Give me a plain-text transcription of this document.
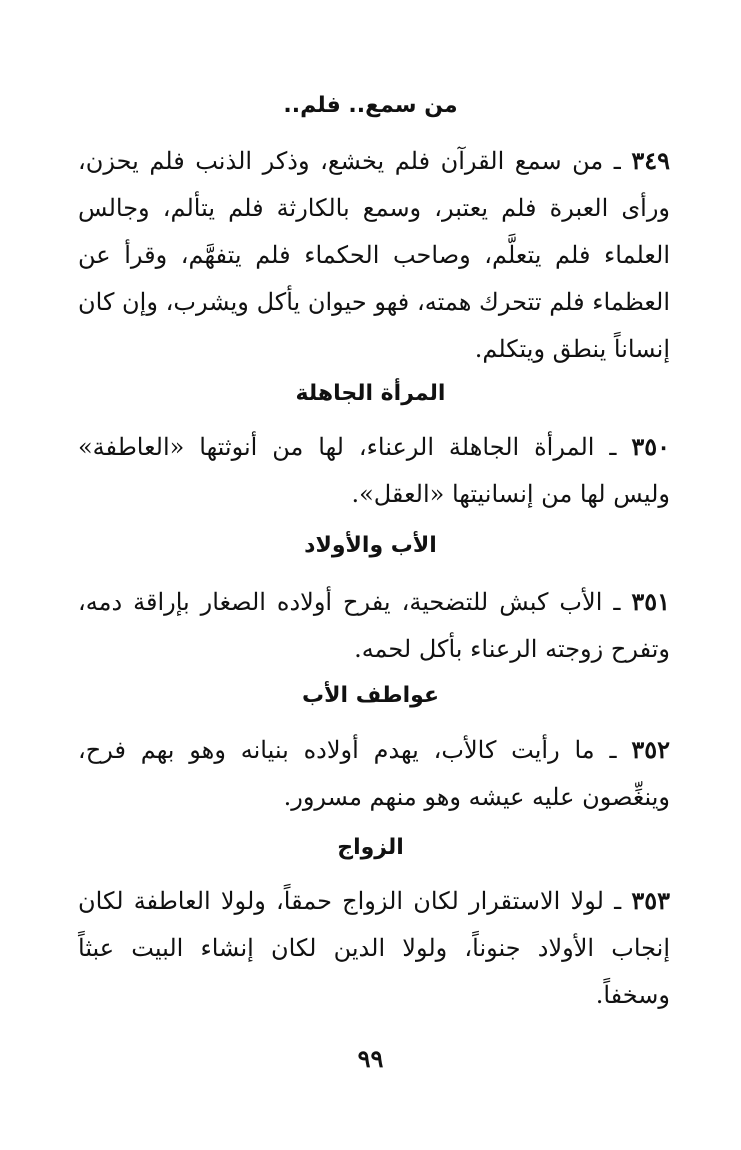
من سمع.. فلم..

٣٤٩ ـ من سمع القرآن فلم يخشع، وذكر الذنب فلم يحزن، ورأى العبرة فلم يعتبر، وسمع بالكارثة فلم يتألم، وجالس العلماء فلم يتعلَّم، وصاحب الحكماء فلم يتفهَّم، وقرأ عن العظماء فلم تتحرك همته، فهو حيوان يأكل ويشرب، وإن كان إنساناً ينطق ويتكلم.

المرأة الجاهلة

٣٥٠ ـ المرأة الجاهلة الرعناء، لها من أنوثتها «العاطفة» وليس لها من إنسانيتها «العقل».

الأب والأولاد

٣٥١ ـ الأب كبش للتضحية، يفرح أولاده الصغار بإراقة دمه، وتفرح زوجته الرعناء بأكل لحمه.

عواطف الأب

٣٥٢ ـ ما رأيت كالأب، يهدم أولاده بنيانه وهو بهم فرح، وينغِّصون عليه عيشه وهو منهم مسرور.

الزواج

٣٥٣ ـ لولا الاستقرار لكان الزواج حمقاً، ولولا العاطفة لكان إنجاب الأولاد جنوناً، ولولا الدين لكان إنشاء البيت عبثاً وسخفاً.

٩٩
